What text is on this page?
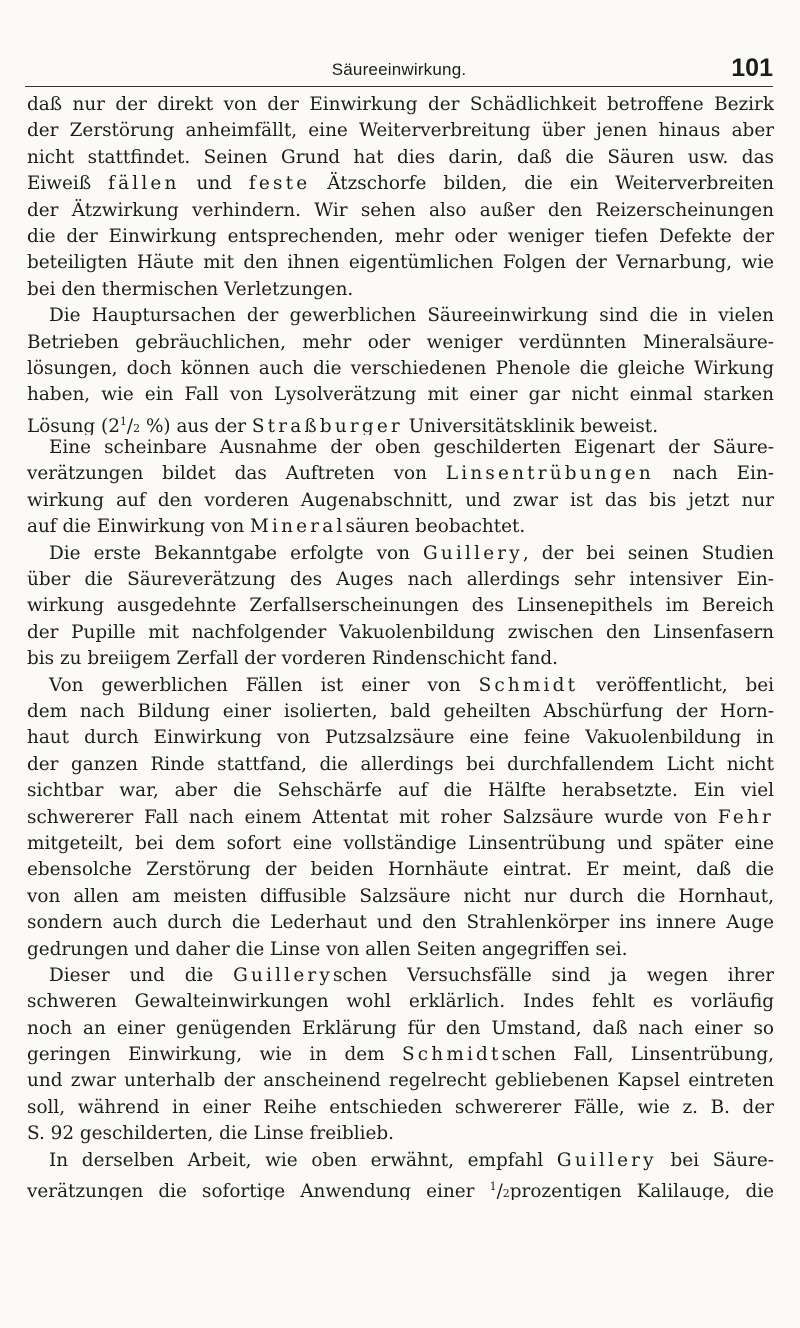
Säureeinwirkung.	101
daß nur der direkt von der Einwirkung der Schädlichkeit betroffene Bezirk
der Zerstörung anheimfällt, eine Weiterverbreitung über jenen hinaus aber
nicht stattfindet. Seinen Grund hat dies darin, daß die Säuren usw. das
Eiweiß fällen und feste Ätzschorfe bilden, die ein Weiterverbreiten
der Ätzwirkung verhindern. Wir sehen also außer den Reizerscheinungen
die der Einwirkung entsprechenden, mehr oder weniger tiefen Defekte der
beteiligten Häute mit den ihnen eigentümlichen Folgen der Vernarbung, wie
bei den thermischen Verletzungen.
Die Hauptursachen der gewerblichen Säureeinwirkung sind die in vielen
Betrieben gebräuchlichen, mehr oder weniger verdünnten Mineralsäure-
lösungen, doch können auch die verschiedenen Phenole die gleiche Wirkung
haben, wie ein Fall von Lysolverätzung mit einer gar nicht einmal starken
Lösung ($2^1/2$ %) aus der Straßburger Universitätsklinik beweist.
Eine scheinbare Ausnahme der oben geschilderten Eigenart der Säure-
verätzungen bildet das Auftreten von Linsentrübungen nach Ein-
wirkung auf den vorderen Augenabschnitt, und zwar ist das bis jetzt nur
auf die Einwirkung von Mineralsäuren beobachtet.
Die erste Bekanntgabe erfolgte von Guillery, der bei seinen Studien
über die Säureverätzung des Auges nach allerdings sehr intensiver Ein-
wirkung ausgedehnte Zerfallserscheinungen des Linsenepithels im Bereich
der Pupille mit nachfolgender Vakuolenbildung zwischen den Linsenfasern
bis zu breiigem Zerfall der vorderen Rindenschicht fand.
Von gewerblichen Fällen ist einer von Schmidt veröffentlicht, bei
dem nach Bildung einer isolierten, bald geheilten Abschürfung der Horn-
haut durch Einwirkung von Putzsalzsäure eine feine Vakuolenbildung in
der ganzen Rinde stattfand, die allerdings bei durchfallendem Licht nicht
sichtbar war, aber die Sehschärfe auf die Hälfte herabsetzte. Ein viel
schwererer Fall nach einem Attentat mit roher Salzsäure wurde von Fehr
mitgeteilt, bei dem sofort eine vollständige Linsentrübung und später eine
ebensolche Zerstörung der beiden Hornhäute eintrat. Er meint, daß die
von allen am meisten diffusible Salzsäure nicht nur durch die Hornhaut,
sondern auch durch die Lederhaut und den Strahlenkörper ins innere Auge
gedrungen und daher die Linse von allen Seiten angegriffen sei.
Dieser und die Guilleryschen Versuchsfälle sind ja wegen ihrer
schweren Gewalteinwirkungen wohl erklärlich. Indes fehlt es vorläufig
noch an einer genügenden Erklärung für den Umstand, daß nach einer so
geringen Einwirkung, wie in dem Schmidtschen Fall, Linsentrübung,
und zwar unterhalb der anscheinend regelrecht gebliebenen Kapsel eintreten
soll, während in einer Reihe entschieden schwererer Fälle, wie z. B. der
S. 92 geschilderten, die Linse freiblieb.
In derselben Arbeit, wie oben erwähnt, empfahl Guillery bei Säure-
verätzungen die sofortige Anwendung einer $^1$/2prozentigen Kalilauge, die
